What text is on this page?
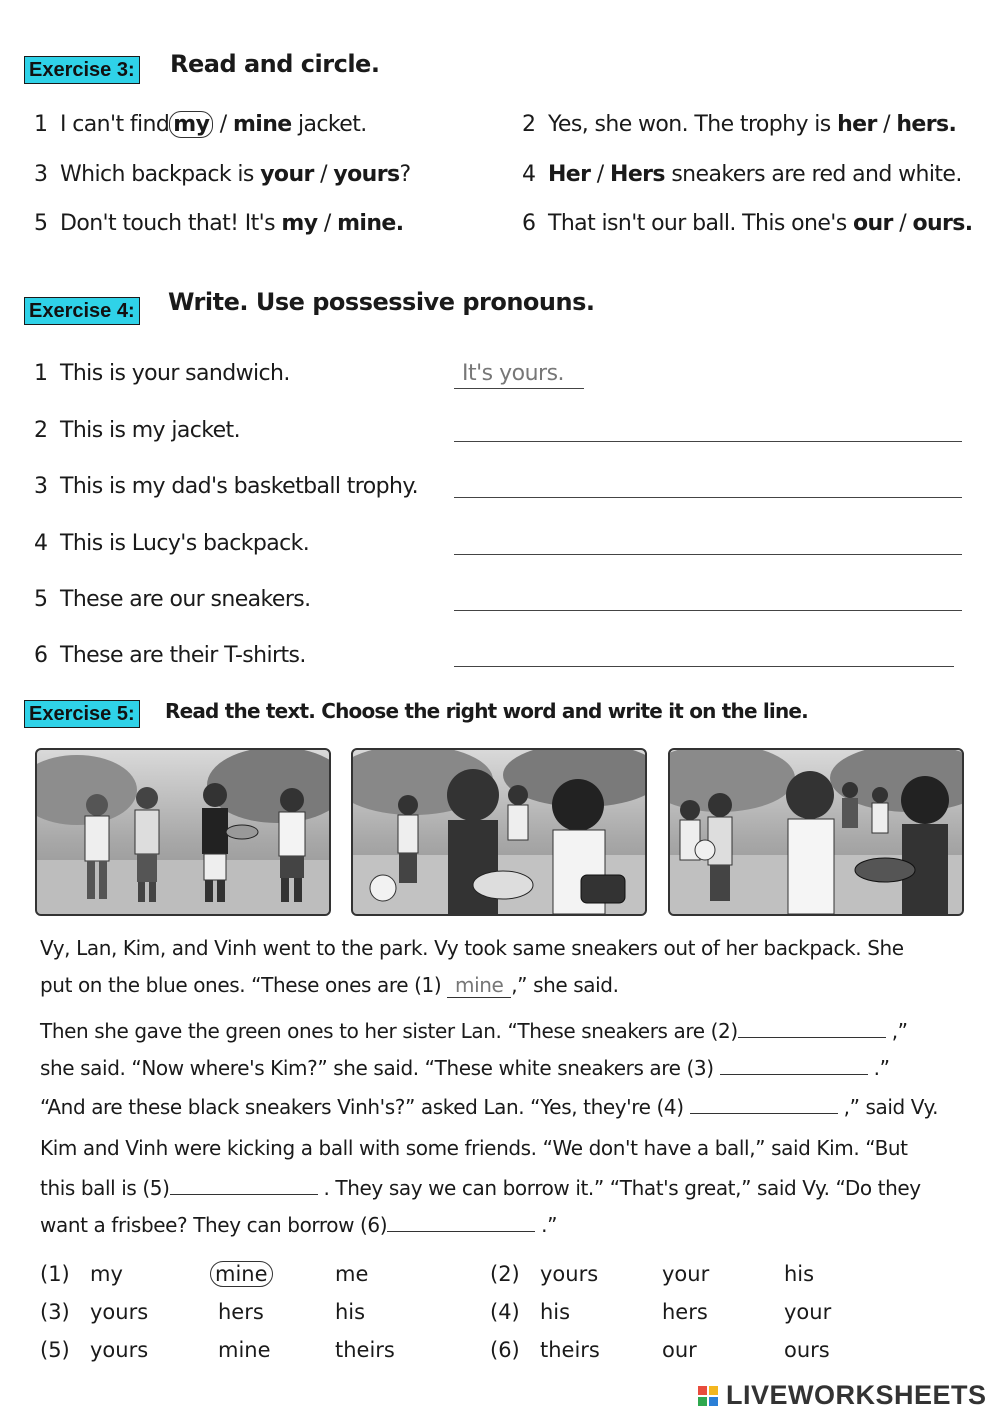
Exercise 3: Read and circle.
1 I can't find my / mine jacket.	2 Yes, she won. The trophy is her / hers.
3 Which backpack is your / yours?	4 Her / Hers sneakers are red and white.
5 Don't touch that! It's my / mine.	6 That isn't our ball. This one's our / ours.
Exercise 4: Write. Use possessive pronouns.
1 This is your sandwich.	It's yours.
2 This is my jacket.
3 This is my dad's basketball trophy.
4 This is Lucy's backpack.
5 These are our sneakers.
6 These are their T-shirts.
Exercise 5: Read the text. Choose the right word and write it on the line.
Vy, Lan, Kim, and Vinh went to the park. Vy took same sneakers out of her backpack. She
put on the blue ones. “These ones are (1) mine ,” she said.
Then she gave the green ones to her sister Lan. “These sneakers are (2)	,”
she said. “Now where's Kim?” she said. “These white sneakers are (3)	.”
“And are these black sneakers Vinh's?” asked Lan. “Yes, they're (4)	,” said Vy.
Kim and Vinh were kicking a ball with some friends. “We don't have a ball,” said Kim. “But
this ball is (5)	. They say we can borrow it.” “That's great,” said Vy. “Do they
want a frisbee? They can borrow (6)	.”
(1) my	mine	me	(2) yours	your	his
(3) yours	hers	his	(4) his	hers	your
(5) yours	mine	theirs	(6) theirs	our	ours

LIVEWORKSHEETS
